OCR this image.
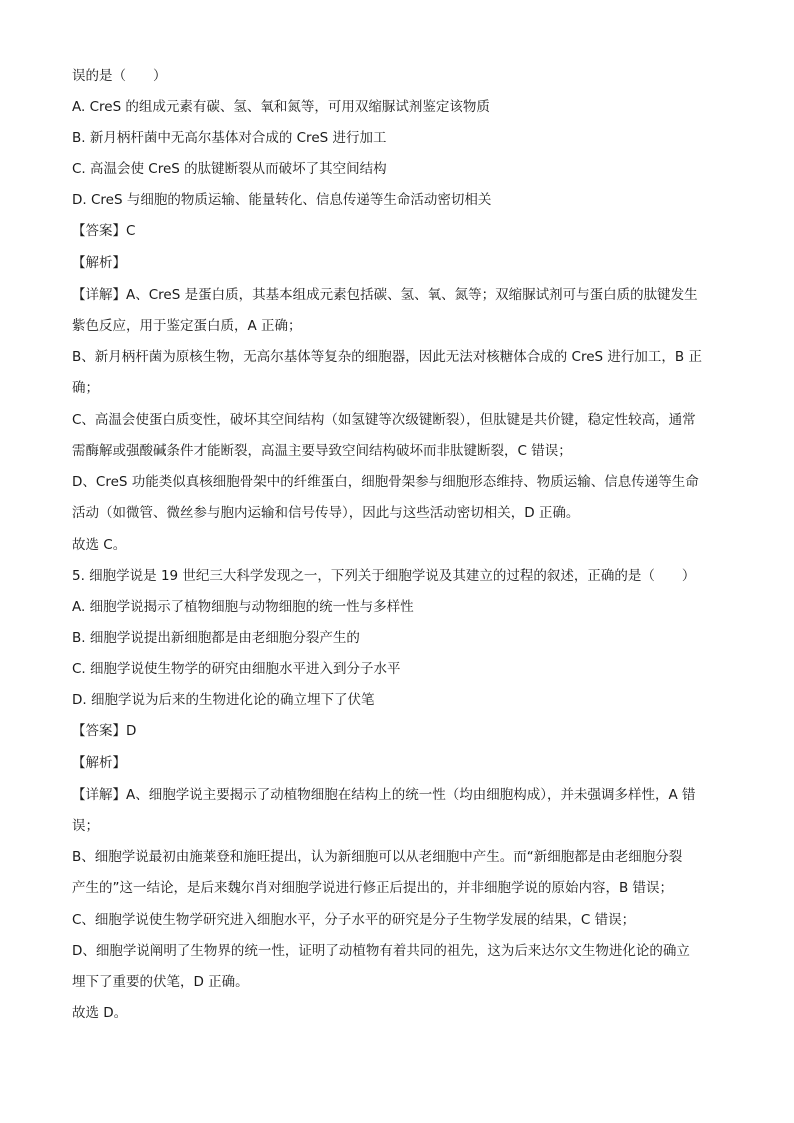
误的是（　　）
A. CreS 的组成元素有碳、氢、氧和氮等，可用双缩脲试剂鉴定该物质
B. 新月柄杆菌中无高尔基体对合成的 CreS 进行加工
C. 高温会使 CreS 的肽键断裂从而破坏了其空间结构
D. CreS 与细胞的物质运输、能量转化、信息传递等生命活动密切相关
【答案】C
【解析】
【详解】A、CreS 是蛋白质，其基本组成元素包括碳、氢、氧、氮等；双缩脲试剂可与蛋白质的肽键发生
紫色反应，用于鉴定蛋白质，A 正确；
B、新月柄杆菌为原核生物，无高尔基体等复杂的细胞器，因此无法对核糖体合成的 CreS 进行加工，B 正
确；
C、高温会使蛋白质变性，破坏其空间结构（如氢键等次级键断裂），但肽键是共价键，稳定性较高，通常
需酶解或强酸碱条件才能断裂，高温主要导致空间结构破坏而非肽键断裂，C 错误；
D、CreS 功能类似真核细胞骨架中的纤维蛋白，细胞骨架参与细胞形态维持、物质运输、信息传递等生命
活动（如微管、微丝参与胞内运输和信号传导），因此与这些活动密切相关，D 正确。
故选 C。
5. 细胞学说是 19 世纪三大科学发现之一，下列关于细胞学说及其建立的过程的叙述，正确的是（　　）
A. 细胞学说揭示了植物细胞与动物细胞的统一性与多样性
B. 细胞学说提出新细胞都是由老细胞分裂产生的
C. 细胞学说使生物学的研究由细胞水平进入到分子水平
D. 细胞学说为后来的生物进化论的确立埋下了伏笔
【答案】D
【解析】
【详解】A、细胞学说主要揭示了动植物细胞在结构上的统一性（均由细胞构成），并未强调多样性，A 错
误；
B、细胞学说最初由施莱登和施旺提出，认为新细胞可以从老细胞中产生。而“新细胞都是由老细胞分裂
产生的”这一结论，是后来魏尔肖对细胞学说进行修正后提出的，并非细胞学说的原始内容，B 错误；
C、细胞学说使生物学研究进入细胞水平，分子水平的研究是分子生物学发展的结果，C 错误；
D、细胞学说阐明了生物界的统一性，证明了动植物有着共同的祖先，这为后来达尔文生物进化论的确立
埋下了重要的伏笔，D 正确。
故选 D。
